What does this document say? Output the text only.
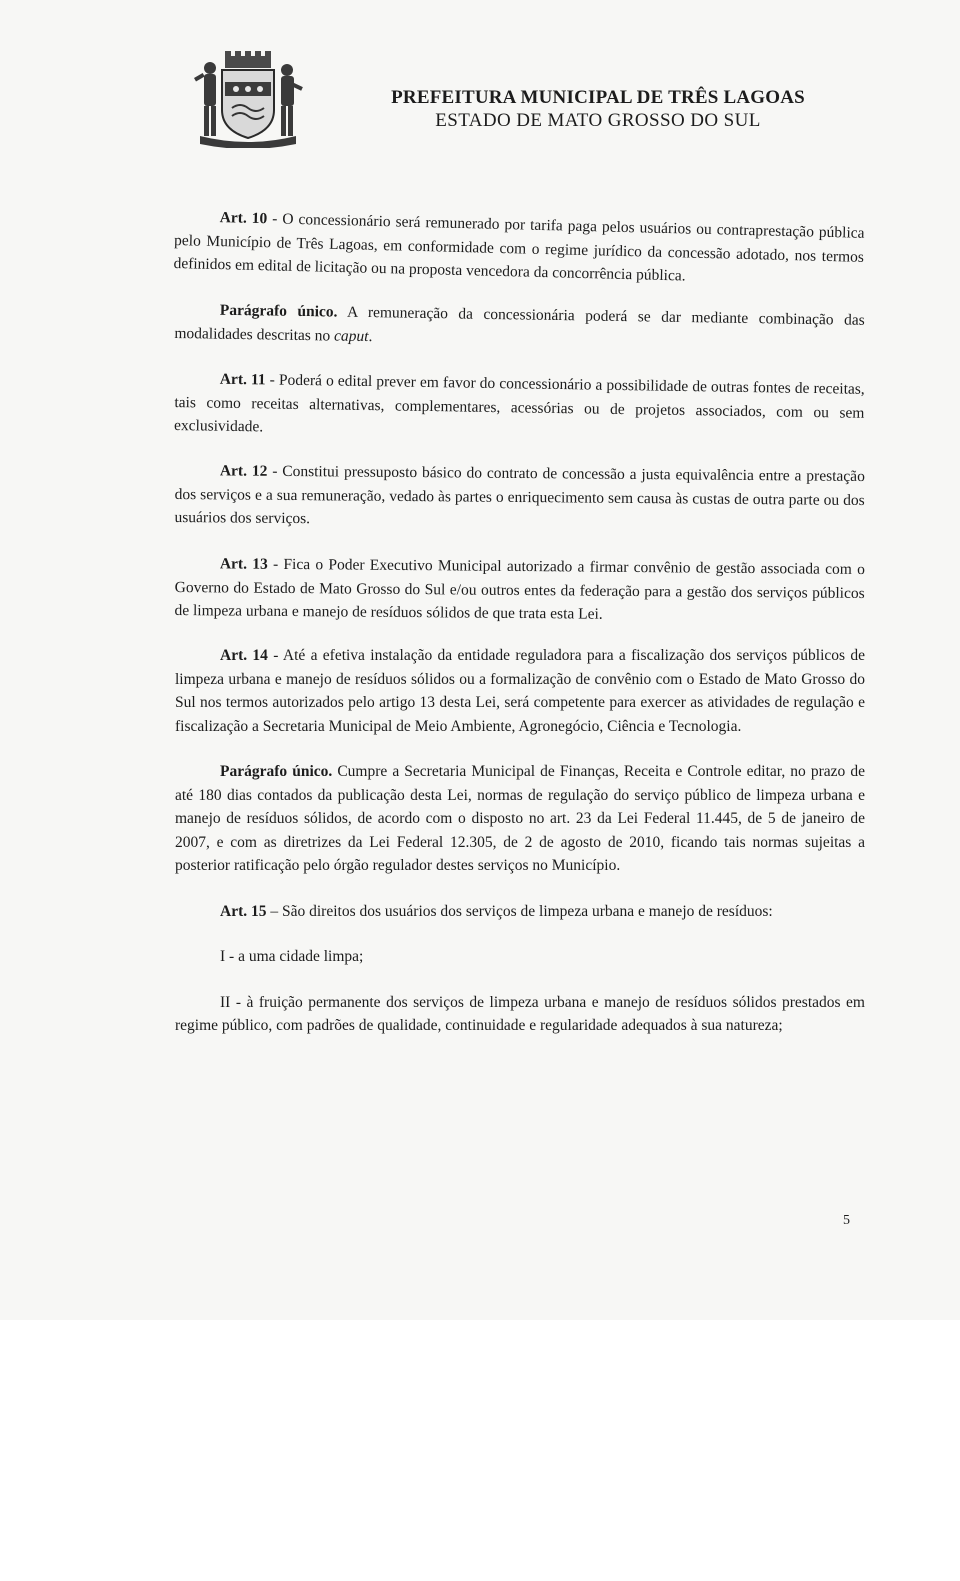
PREFEITURA MUNICIPAL DE TRÊS LAGOAS
ESTADO DE MATO GROSSO DO SUL

Art. 10 - O concessionário será remunerado por tarifa paga pelos usuários ou contraprestação pública pelo Município de Três Lagoas, em conformidade com o regime jurídico da concessão adotado, nos termos definidos em edital de licitação ou na proposta vencedora da concorrência pública.

Parágrafo único. A remuneração da concessionária poderá se dar mediante combinação das modalidades descritas no caput.

Art. 11 - Poderá o edital prever em favor do concessionário a possibilidade de outras fontes de receitas, tais como receitas alternativas, complementares, acessórias ou de projetos associados, com ou sem exclusividade.

Art. 12 - Constitui pressuposto básico do contrato de concessão a justa equivalência entre a prestação dos serviços e a sua remuneração, vedado às partes o enriquecimento sem causa às custas de outra parte ou dos usuários dos serviços.

Art. 13 - Fica o Poder Executivo Municipal autorizado a firmar convênio de gestão associada com o Governo do Estado de Mato Grosso do Sul e/ou outros entes da federação para a gestão dos serviços públicos de limpeza urbana e manejo de resíduos sólidos de que trata esta Lei.

Art. 14 - Até a efetiva instalação da entidade reguladora para a fiscalização dos serviços públicos de limpeza urbana e manejo de resíduos sólidos ou a formalização de convênio com o Estado de Mato Grosso do Sul nos termos autorizados pelo artigo 13 desta Lei, será competente para exercer as atividades de regulação e fiscalização a Secretaria Municipal de Meio Ambiente, Agronegócio, Ciência e Tecnologia.

Parágrafo único. Cumpre a Secretaria Municipal de Finanças, Receita e Controle editar, no prazo de até 180 dias contados da publicação desta Lei, normas de regulação do serviço público de limpeza urbana e manejo de resíduos sólidos, de acordo com o disposto no art. 23 da Lei Federal 11.445, de 5 de janeiro de 2007, e com as diretrizes da Lei Federal 12.305, de 2 de agosto de 2010, ficando tais normas sujeitas a posterior ratificação pelo órgão regulador destes serviços no Município.

Art. 15 – São direitos dos usuários dos serviços de limpeza urbana e manejo de resíduos:

I - a uma cidade limpa;

II - à fruição permanente dos serviços de limpeza urbana e manejo de resíduos sólidos prestados em regime público, com padrões de qualidade, continuidade e regularidade adequados à sua natureza;

5
